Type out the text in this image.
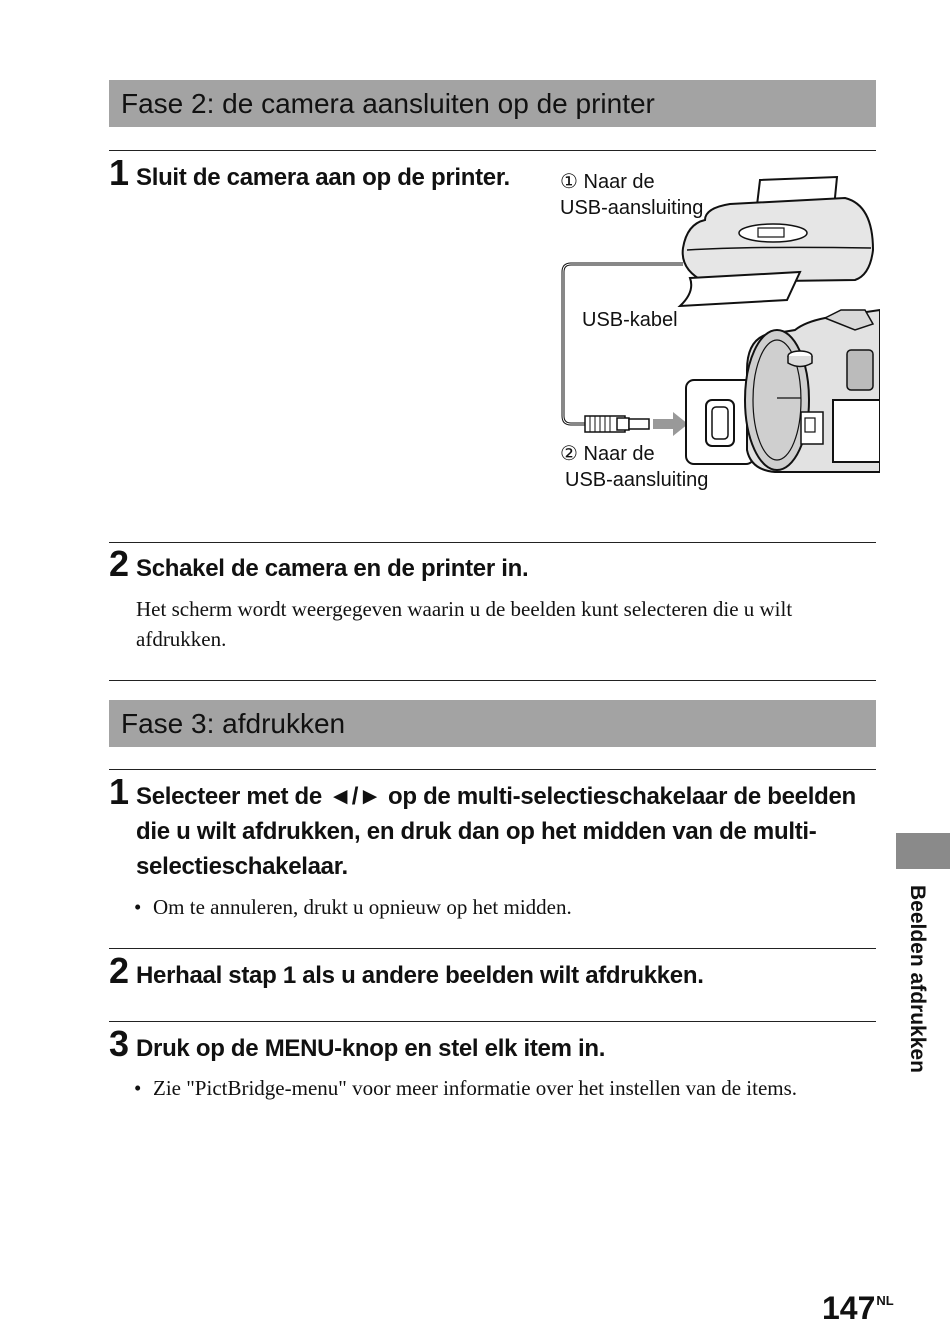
Fase 2: de camera aansluiten op de printer
1 Sluit de camera aan op de printer.	① Naar de
USB-aansluiting
USB-kabel
② Naar de
USB-aansluiting
2 Schakel de camera en de printer in.
Het scherm wordt weergegeven waarin u de beelden kunt selecteren die u wilt afdrukken.
Fase 3: afdrukken
1 Selecteer met de ◄/► op de multi-selectieschakelaar de beelden die u wilt afdrukken, en druk dan op het midden van de multi-selectieschakelaar.
• Om te annuleren, drukt u opnieuw op het midden.
2 Herhaal stap 1 als u andere beelden wilt afdrukken.
3 Druk op de MENU-knop en stel elk item in.
• Zie "PictBridge-menu" voor meer informatie over het instellen van de items.
Beelden afdrukken
$147^{NL}$
